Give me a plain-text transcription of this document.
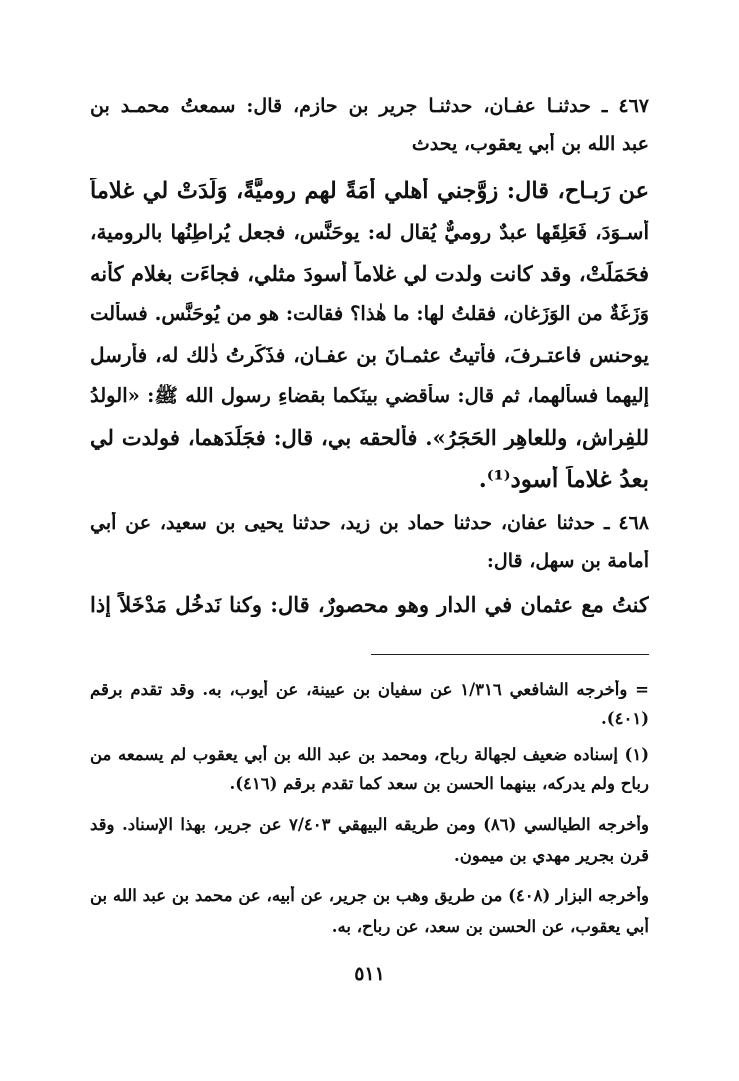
٤٦٧ ـ حدثنـا عفـان، حدثنـا جرير بن حازم، قال: سمعتُ محمـد بن
عبد الله بن أبي يعقوب، يحدث
عن رَبـاح، قال: زوَّجني أهلي أَمَةً لهم روميَّةً، وَلَدَتْ لي غلاماً
أَسـوَدَ، فَعَلِقَها عبدٌ روميٌّ يُقال له: يوحَنَّس، فجعل يُراطِنُها بالرومية،
فحَمَلَتْ، وقد كانت ولدت لي غلاماً أَسودَ مثلي، فجاءَت بغلام كأَنه
وَزَغَةٌ من الوَزَغان، فقلتُ لها: ما هٰذا؟ فقالت: هو من يُوحَنَّس. فسأَلت
يوحنس فاعتـرفَ، فأَتيتُ عثمـانَ بن عفـان، فذَكَرتُ ذٰلك له، فأرسل
إليهما فسأَلهما، ثم قال: سأَقضي بينَكما بقضاءِ رسول الله ﷺ: «الولدُ
للفِراش، وللعاهِرِ الحَجَرُ». فأَلحقه بي، قال: فجَلَدَهما، فولدت لي
بعدُ غلاماً أَسود⁽¹⁾.
٤٦٨ ـ حدثنا عفان، حدثنا حماد بن زيد، حدثنا يحيى بن سعيد، عن أَبي
أُمامة بن سهل، قال:
كنتُ مع عثمان في الدارِ وهو محصورٌ، قال: وكنا نَدخُل مَدْخَلاً إذا
= وأخرجه الشافعي ١/٣١٦ عن سفيان بن عيينة، عن أيوب، به. وقد تقدم برقم
(٤٠١).
(١) إسناده ضعيف لجهالة رباح، ومحمد بن عبد الله بن أبي يعقوب لم يسمعه من
رباح ولم يدركه، بينهما الحسن بن سعد كما تقدم برقم (٤١٦).
وأخرجه الطيالسي (٨٦) ومن طريقه البيهقي ٧/٤٠٣ عن جرير، بهذا الإسناد. وقد
قرن بجرير مهدي بن ميمون.
وأخرجه البزار (٤٠٨) من طريق وهب بن جرير، عن أبيه، عن محمد بن عبد الله بن
أبي يعقوب، عن الحسن بن سعد، عن رباح، به.
٥١١
